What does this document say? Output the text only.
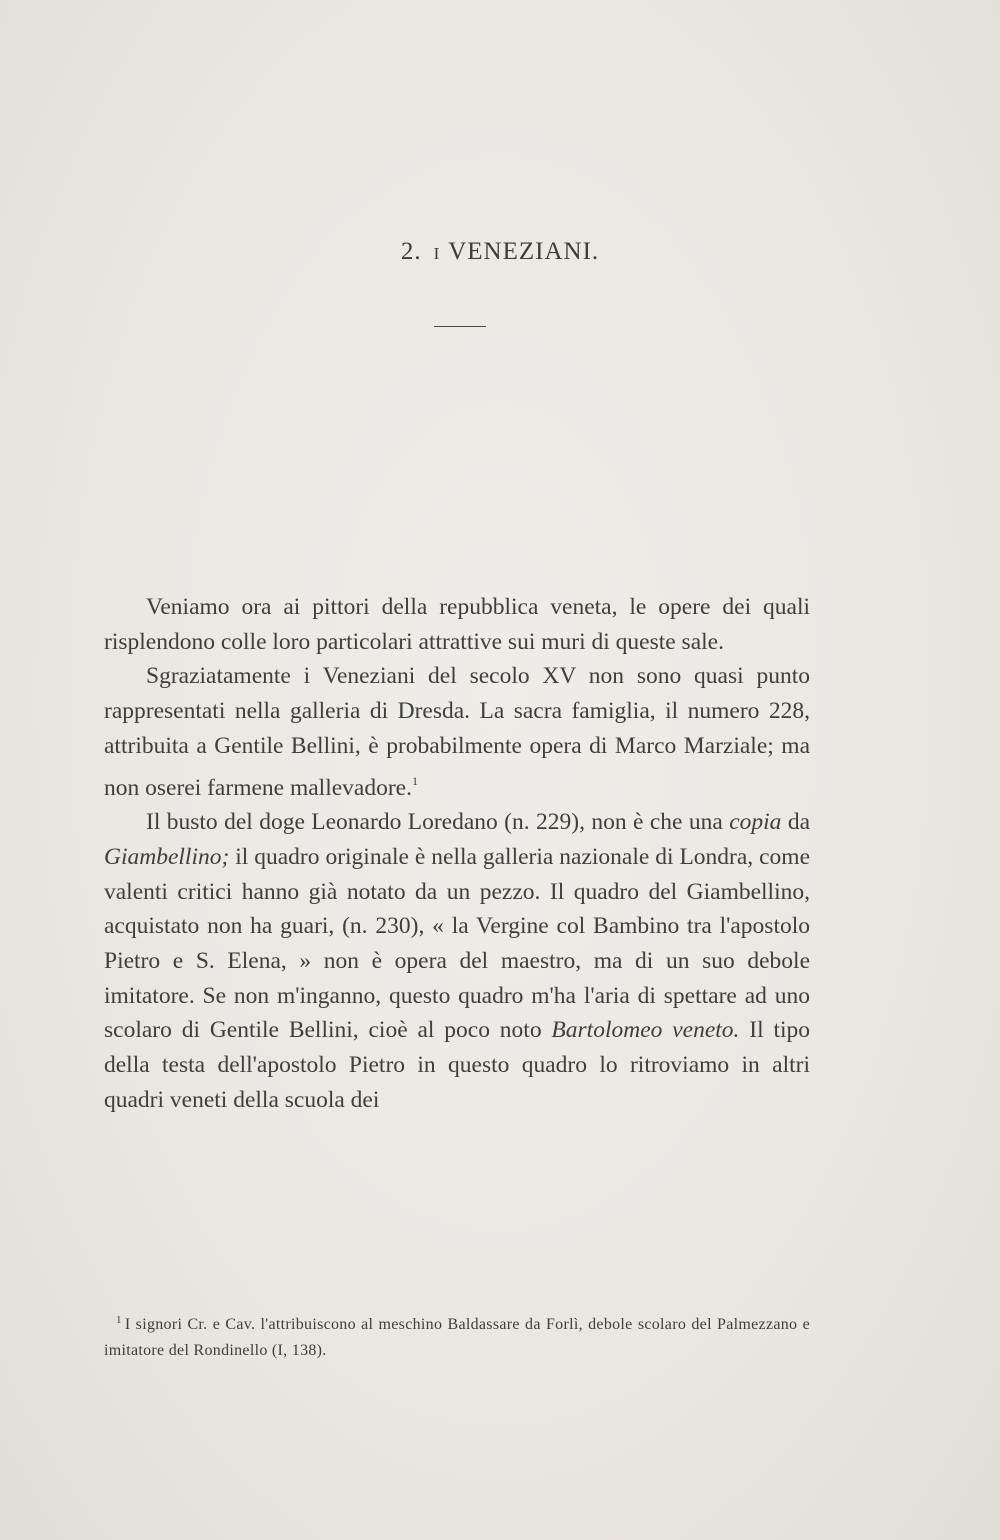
2. I VENEZIANI.

Veniamo ora ai pittori della repubblica veneta, le opere dei quali risplendono colle loro particolari attrattive sui muri di queste sale.

Sgraziatamente i Veneziani del secolo XV non sono quasi punto rappresentati nella galleria di Dresda. La sacra famiglia, il numero 228, attribuita a Gentile Bellini, è probabilmente opera di Marco Marziale; ma non oserei farmene mallevadore.$^1$

Il busto del doge Leonardo Loredano (n. 229), non è che una copia da Giambellino; il quadro originale è nella galleria nazionale di Londra, come valenti critici hanno già notato da un pezzo. Il quadro del Giambellino, acquistato non ha guari, (n. 230), « la Vergine col Bambino tra l'apostolo Pietro e S. Elena, » non è opera del maestro, ma di un suo debole imitatore. Se non m'inganno, questo quadro m'ha l'aria di spettare ad uno scolaro di Gentile Bellini, cioè al poco noto Bartolomeo veneto. Il tipo della testa dell'apostolo Pietro in questo quadro lo ritroviamo in altri quadri veneti della scuola dei

$^1$ I signori Cr. e Cav. l'attribuiscono al meschino Baldassare da Forlì, debole scolaro del Palmezzano e imitatore del Rondinello (I, 138).
